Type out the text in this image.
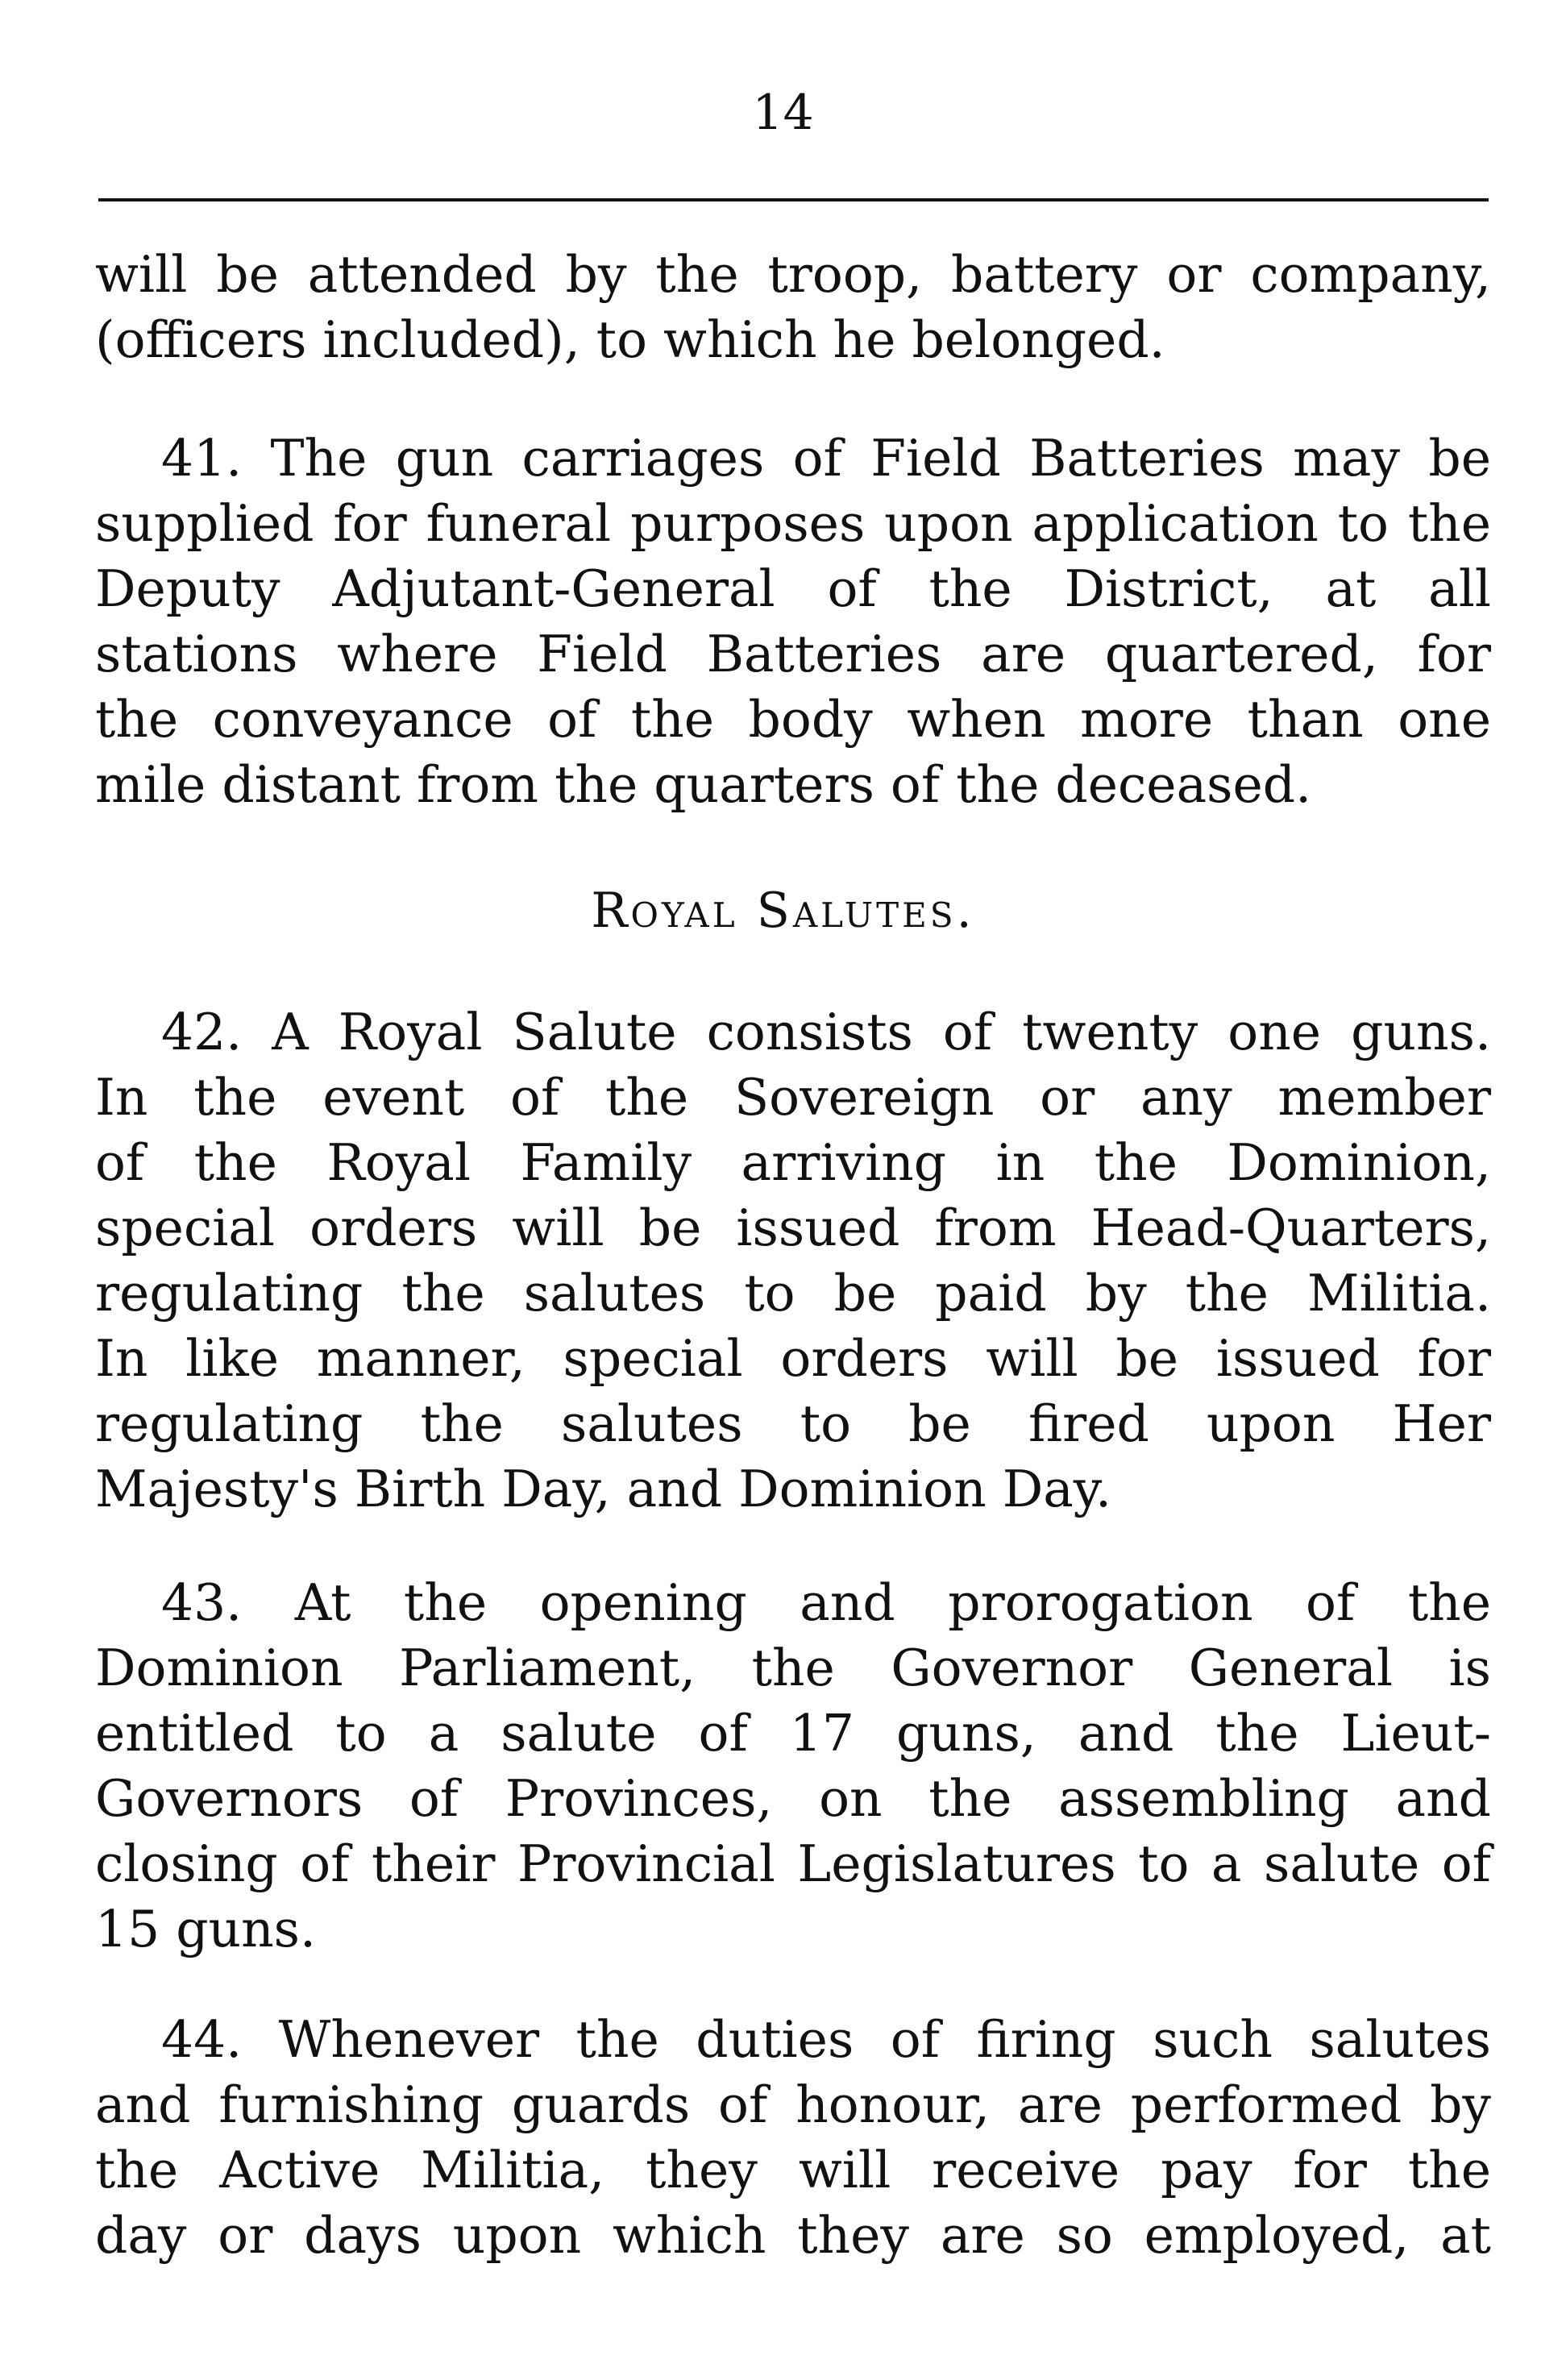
14

will be attended by the troop, battery or company,

(officers included), to which he belonged.

41. The gun carriages of Field Batteries may be

supplied for funeral purposes upon application to the

Deputy Adjutant-General of the District, at all

stations where Field Batteries are quartered, for

the conveyance of the body when more than one

mile distant from the quarters of the deceased.

Royal Salutes.

42. A Royal Salute consists of twenty one guns.

In the event of the Sovereign or any member

of the Royal Family arriving in the Dominion,

special orders will be issued from Head-Quarters,

regulating the salutes to be paid by the Militia.

In like manner, special orders will be issued for

regulating the salutes to be fired upon Her

Majesty's Birth Day, and Dominion Day.

43. At the opening and prorogation of the

Dominion Parliament, the Governor General is

entitled to a salute of 17 guns, and the Lieut-

Governors of Provinces, on the assembling and

closing of their Provincial Legislatures to a salute of

15 guns.

44. Whenever the duties of firing such salutes

and furnishing guards of honour, are performed by

the Active Militia, they will receive pay for the

day or days upon which they are so employed, at
